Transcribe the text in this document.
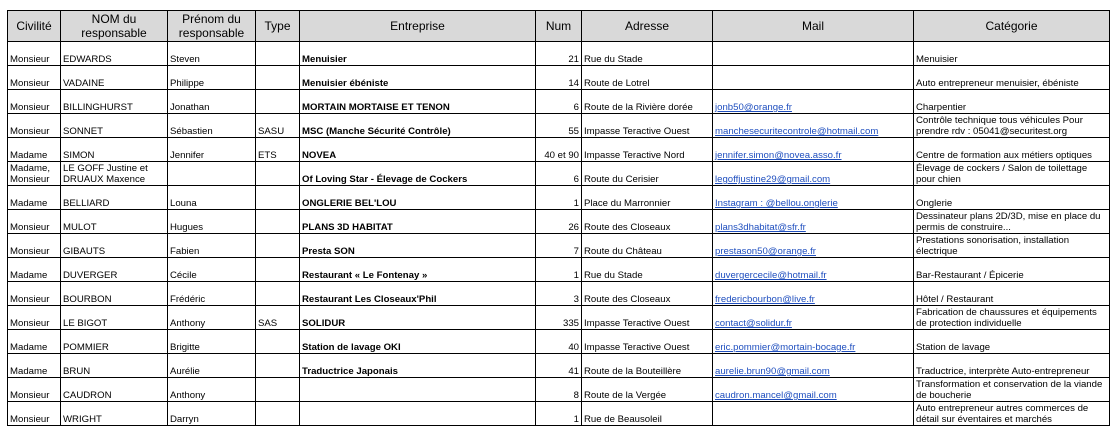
Civilité	NOM du responsable	Prénom du responsable	Type	Entreprise	Num	Adresse	Mail	Catégorie
Monsieur	EDWARDS	Steven		Menuisier	21	Rue du Stade		Menuisier
Monsieur	VADAINE	Philippe		Menuisier ébéniste	14	Route de Lotrel		Auto entrepreneur menuisier, ébéniste
Monsieur	BILLINGHURST	Jonathan		MORTAIN MORTAISE ET TENON	6	Route de la Rivière dorée	jonb50@orange.fr	Charpentier
Monsieur	SONNET	Sébastien	SASU	MSC (Manche Sécurité Contrôle)	55	Impasse Teractive Ouest	manchesecuritecontrole@hotmail.com	Contrôle technique tous véhicules Pour prendre rdv : 05041@securitest.org
Madame	SIMON	Jennifer	ETS	NOVEA	40 et 90	Impasse Teractive Nord	jennifer.simon@novea.asso.fr	Centre de formation aux métiers optiques
Madame, Monsieur	LE GOFF Justine et DRUAUX Maxence			Of Loving Star - Élevage de Cockers	6	Route du Cerisier	legoffjustine29@gmail.com	Élevage de cockers / Salon de toilettage pour chien
Madame	BELLIARD	Louna		ONGLERIE BEL'LOU	1	Place du Marronnier	Instagram : @bellou.onglerie	Onglerie
Monsieur	MULOT	Hugues		PLANS 3D HABITAT	26	Route des Closeaux	plans3dhabitat@sfr.fr	Dessinateur plans 2D/3D, mise en place du permis de construire...
Monsieur	GIBAUTS	Fabien		Presta SON	7	Route du Château	prestason50@orange.fr	Prestations sonorisation, installation électrique
Madame	DUVERGER	Cécile		Restaurant « Le Fontenay »	1	Rue du Stade	duvergercecile@hotmail.fr	Bar-Restaurant / Épicerie
Monsieur	BOURBON	Frédéric		Restaurant Les Closeaux'Phil	3	Route des Closeaux	fredericbourbon@live.fr	Hôtel / Restaurant
Monsieur	LE BIGOT	Anthony	SAS	SOLIDUR	335	Impasse Teractive Ouest	contact@solidur.fr	Fabrication de chaussures et équipements de protection individuelle
Madame	POMMIER	Brigitte		Station de lavage OKI	40	Impasse Teractive Ouest	eric.pommier@mortain-bocage.fr	Station de lavage
Madame	BRUN	Aurélie		Traductrice Japonais	41	Route de la Bouteillère	aurelie.brun90@gmail.com	Traductrice, interprète Auto-entrepreneur
Monsieur	CAUDRON	Anthony			8	Route de la Vergée	caudron.mancel@gmail.com	Transformation et conservation de la viande de boucherie
Monsieur	WRIGHT	Darryn			1	Rue de Beausoleil		Auto entrepreneur autres commerces de détail sur éventaires et marchés
